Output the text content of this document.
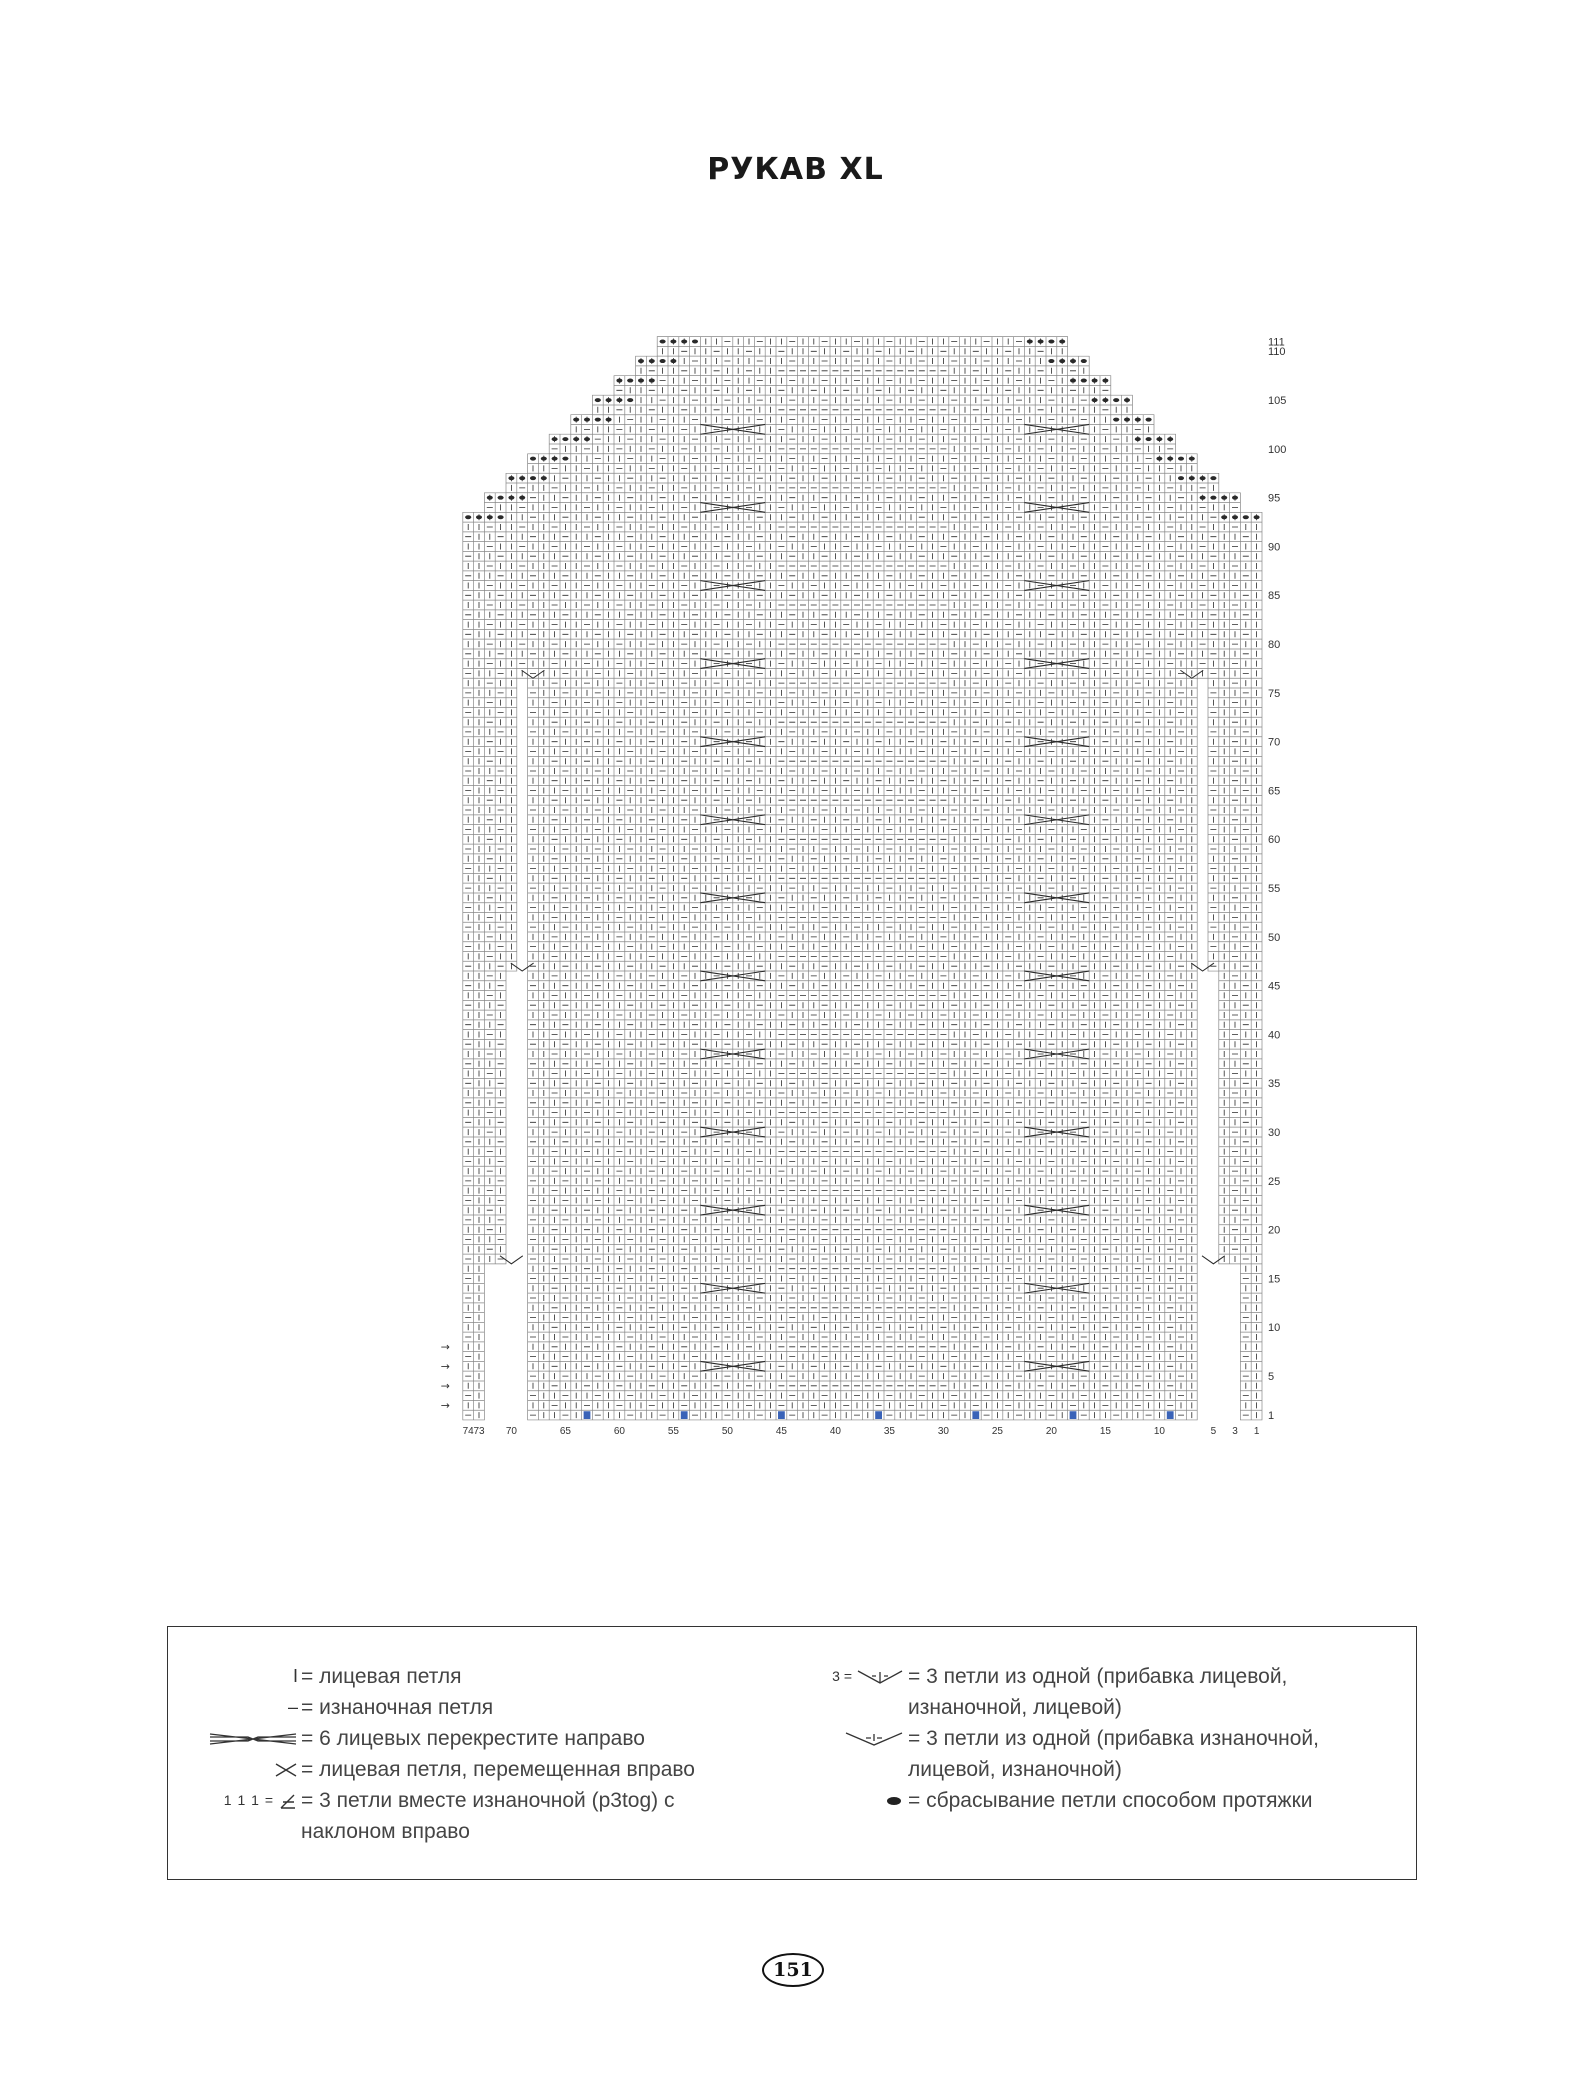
РУКАВ XL
1
5
10
15
20
25
30
35
40
45
50
55
60
65
70
75
80
85
90
95
100
105
110
111
74 73 70	65	60	55	50	45	40	35	30	25	20	15	10	5 3 1
→
→
→
→
I = лицевая петля
– = изнаночная петля
= 6 лицевых перекрестите направо
= лицевая петля, перемещенная вправо
1 1 1 = = 3 петли вместе изнаночной (p3tog) с наклоном вправо
3 =	= 3 петли из одной (прибавка лицевой, изнаночной, лицевой)
= 3 петли из одной (прибавка изнаночной, лицевой, изнаночной)
= сбрасывание петли способом протяжки
151
